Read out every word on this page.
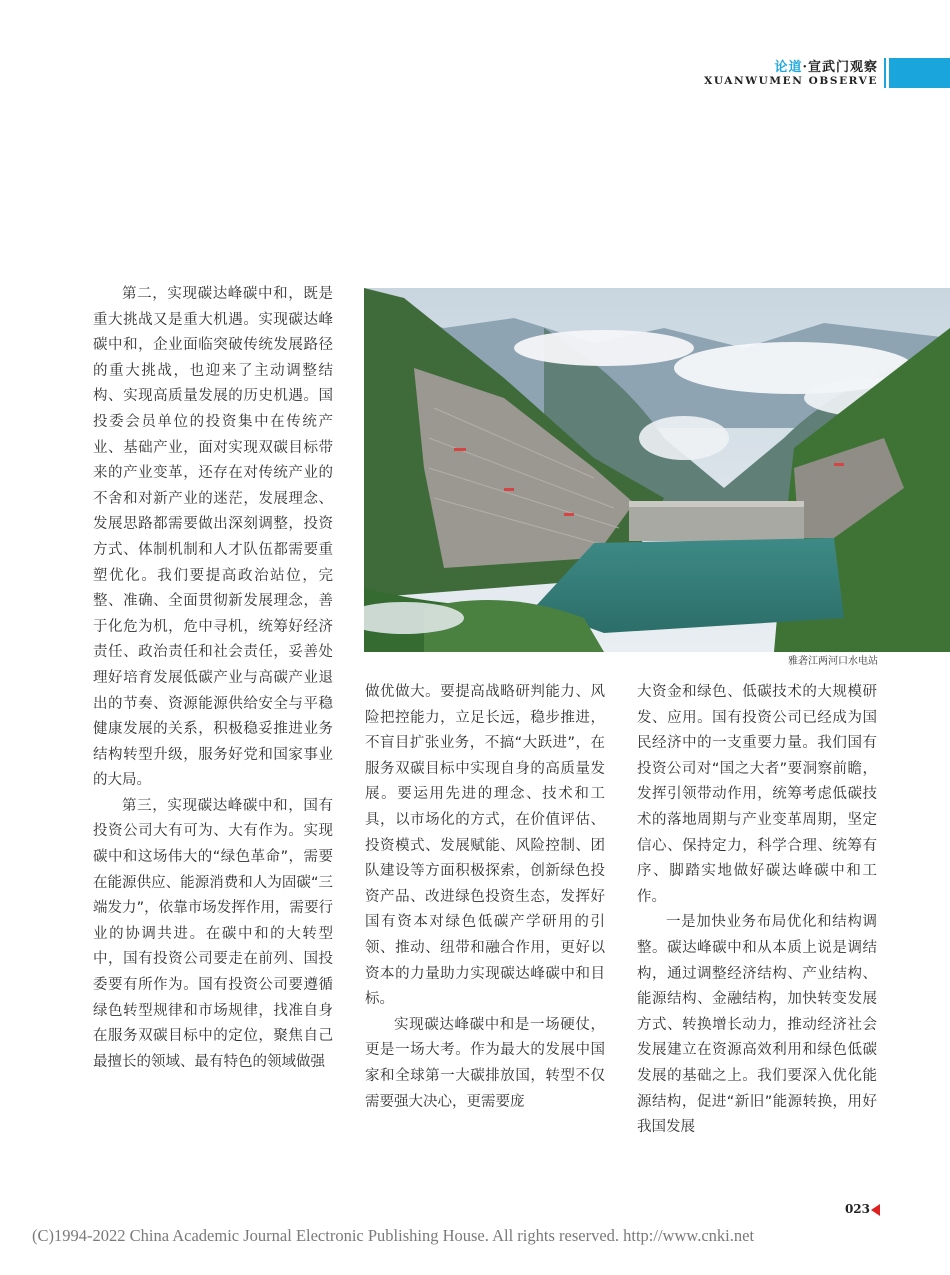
论道·宣武门观察
XUANWUMEN OBSERVE

第二，实现碳达峰碳中和，既是重大挑战又是重大机遇。实现碳达峰碳中和，企业面临突破传统发展路径的重大挑战，也迎来了主动调整结构、实现高质量发展的历史机遇。国投委会员单位的投资集中在传统产业、基础产业，面对实现双碳目标带来的产业变革，还存在对传统产业的不舍和对新产业的迷茫，发展理念、发展思路都需要做出深刻调整，投资方式、体制机制和人才队伍都需要重塑优化。我们要提高政治站位，完整、准确、全面贯彻新发展理念，善于化危为机，危中寻机，统筹好经济责任、政治责任和社会责任，妥善处理好培育发展低碳产业与高碳产业退出的节奏、资源能源供给安全与平稳健康发展的关系，积极稳妥推进业务结构转型升级，服务好党和国家事业的大局。

第三，实现碳达峰碳中和，国有投资公司大有可为、大有作为。实现碳中和这场伟大的“绿色革命”，需要在能源供应、能源消费和人为固碳“三端发力”，依靠市场发挥作用，需要行业的协调共进。在碳中和的大转型中，国有投资公司要走在前列、国投委要有所作为。国有投资公司要遵循绿色转型规律和市场规律，找准自身在服务双碳目标中的定位，聚焦自己最擅长的领域、最有特色的领域做强

雅砻江两河口水电站

做优做大。要提高战略研判能力、风险把控能力，立足长远，稳步推进，不盲目扩张业务，不搞“大跃进”，在服务双碳目标中实现自身的高质量发展。要运用先进的理念、技术和工具，以市场化的方式，在价值评估、投资模式、发展赋能、风险控制、团队建设等方面积极探索，创新绿色投资产品、改进绿色投资生态，发挥好国有资本对绿色低碳产学研用的引领、推动、纽带和融合作用，更好以资本的力量助力实现碳达峰碳中和目标。

实现碳达峰碳中和是一场硬仗，更是一场大考。作为最大的发展中国家和全球第一大碳排放国，转型不仅需要强大决心，更需要庞

大资金和绿色、低碳技术的大规模研发、应用。国有投资公司已经成为国民经济中的一支重要力量。我们国有投资公司对“国之大者”要洞察前瞻，发挥引领带动作用，统筹考虑低碳技术的落地周期与产业变革周期，坚定信心、保持定力，科学合理、统筹有序、脚踏实地做好碳达峰碳中和工作。

一是加快业务布局优化和结构调整。碳达峰碳中和从本质上说是调结构，通过调整经济结构、产业结构、能源结构、金融结构，加快转变发展方式、转换增长动力，推动经济社会发展建立在资源高效利用和绿色低碳发展的基础之上。我们要深入优化能源结构，促进“新旧”能源转换，用好我国发展

023
(C)1994-2022 China Academic Journal Electronic Publishing House. All rights reserved. http://www.cnki.net
